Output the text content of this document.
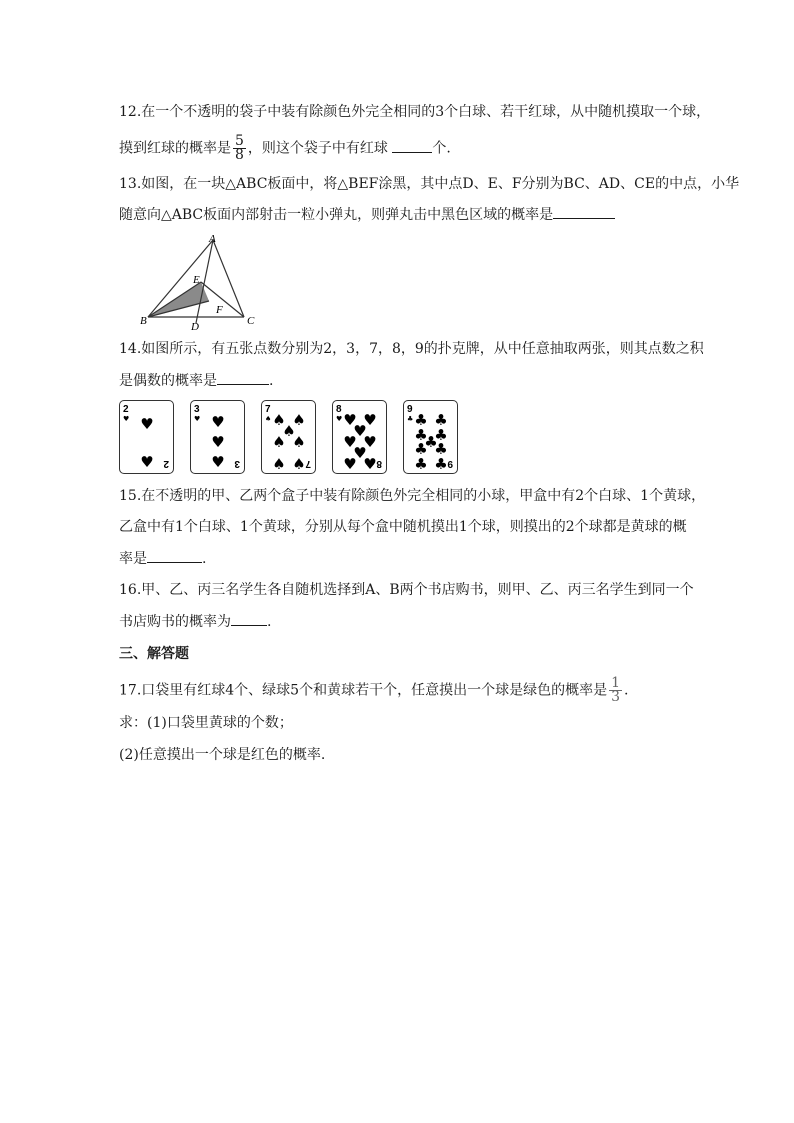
12.在一个不透明的袋子中装有除颜色外完全相同的3个白球、若干红球，从中随机摸取一个球，
摸到红球的概率是 $\frac{5}{8}$ ，则这个袋子中有红球	个.
13.如图，在一块△ABC板面中，将△BEF涂黑，其中点D、E、F分别为BC、AD、CE的中点，小华
随意向△ABC板面内部射击一粒小弹丸，则弹丸击中黑色区域的概率是
A
B	C
D
E
F
14.如图所示，有五张点数分别为2，3，7，8，9的扑克牌，从中任意抽取两张，则其点数之积
是偶数的概率是	.
2
2
♥ ♥
♥
3
3
♥ ♥
♥
♥
7
7
♠ ♠ ♠
♠
♠ ♠
♠ ♠
8
8
♥ ♥ ♥
♥
♥ ♥
♥
♥ ♥
9
9
♣ ♣ ♣
♣ ♣
♣
♣ ♣
♣ ♣
15.在不透明的甲、乙两个盒子中装有除颜色外完全相同的小球，甲盒中有2个白球、1个黄球，
乙盒中有1个白球、1个黄球，分别从每个盒中随机摸出1个球，则摸出的2个球都是黄球的概
率是	.
16.甲、乙、丙三名学生各自随机选择到A、B两个书店购书，则甲、乙、丙三名学生到同一个
书店购书的概率为	.
三、解答题
17.口袋里有红球4个、绿球5个和黄球若干个，任意摸出一个球是绿色的概率是 $\frac{1}{3}$ .
求：(1)口袋里黄球的个数；
(2)任意摸出一个球是红色的概率.
